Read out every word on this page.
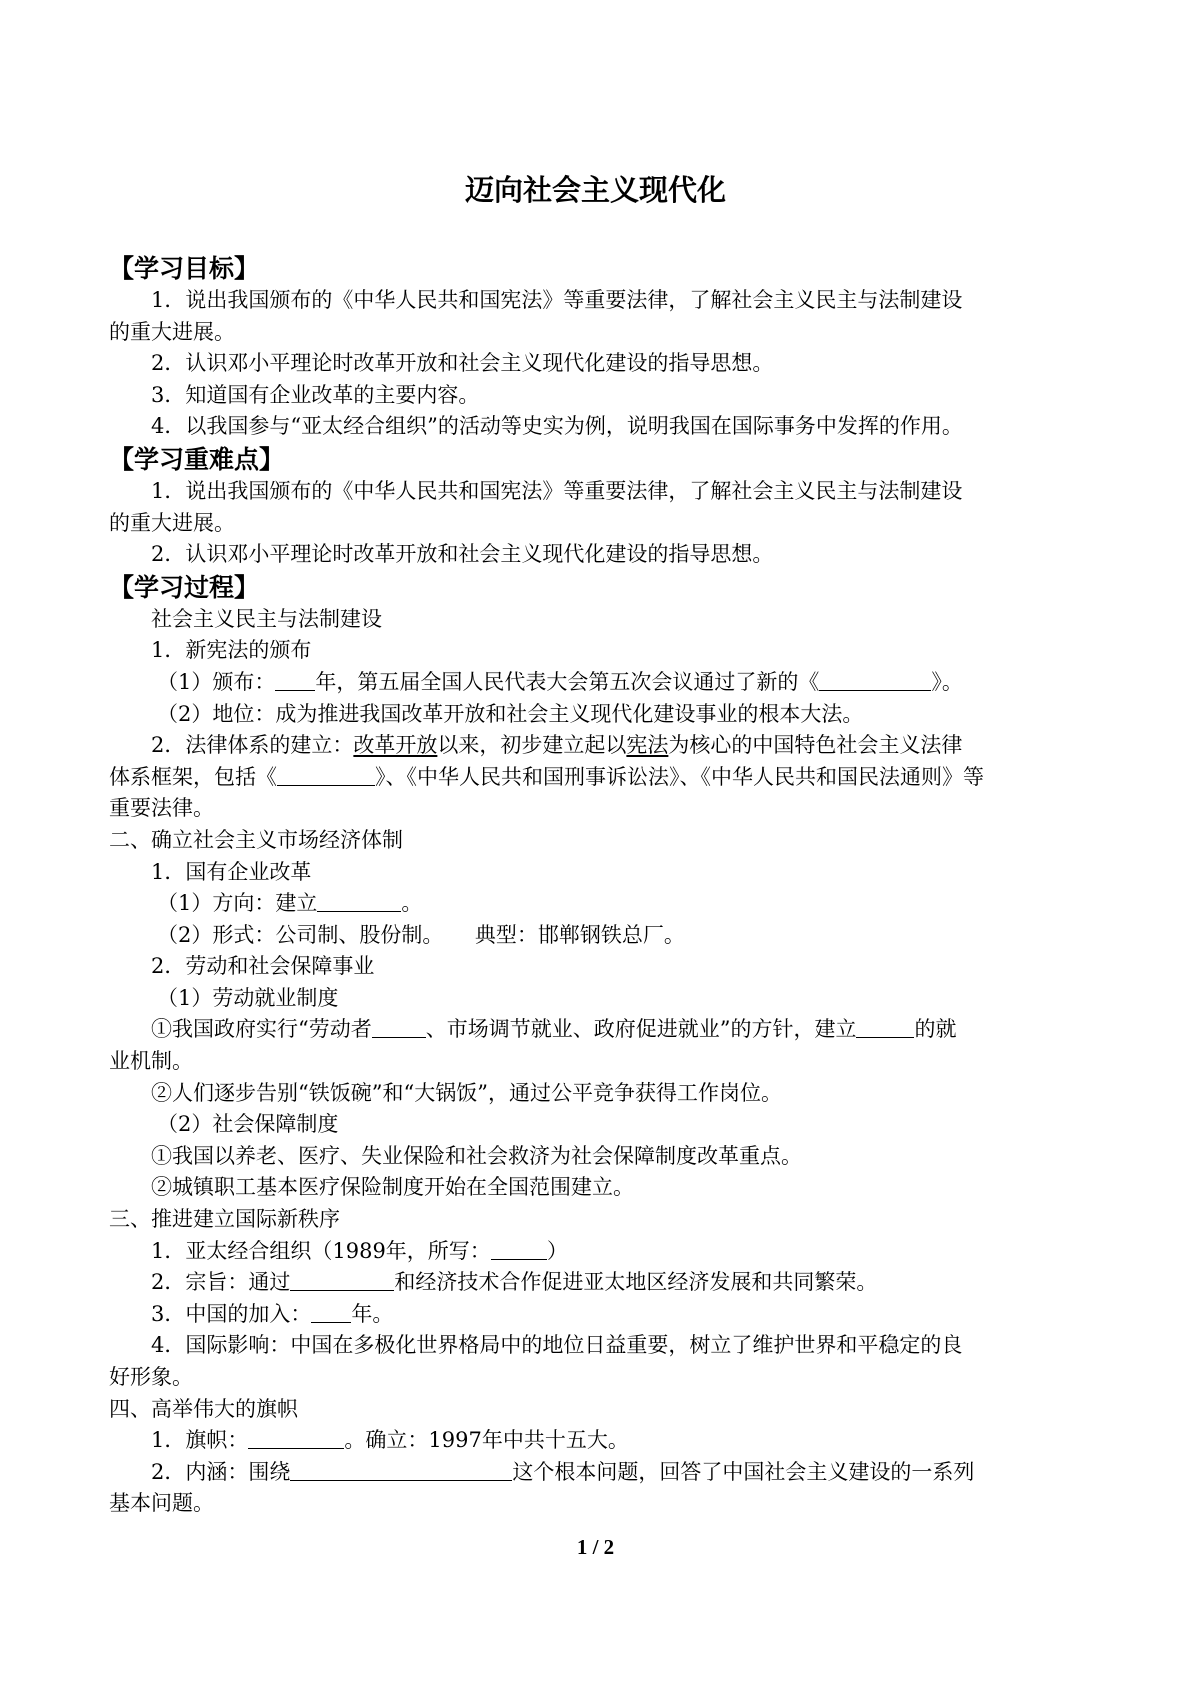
迈向社会主义现代化
【学习目标】
1．说出我国颁布的《中华人民共和国宪法》等重要法律，了解社会主义民主与法制建设
的重大进展。
2．认识邓小平理论时改革开放和社会主义现代化建设的指导思想。
3．知道国有企业改革的主要内容。
4．以我国参与“亚太经合组织”的活动等史实为例，说明我国在国际事务中发挥的作用。
【学习重难点】
1．说出我国颁布的《中华人民共和国宪法》等重要法律，了解社会主义民主与法制建设
的重大进展。
2．认识邓小平理论时改革开放和社会主义现代化建设的指导思想。
【学习过程】
社会主义民主与法制建设
1．新宪法的颁布
（1）颁布： 年，第五届全国人民代表大会第五次会议通过了新的《	》。
（2）地位：成为推进我国改革开放和社会主义现代化建设事业的根本大法。
2．法律体系的建立：改革开放以来，初步建立起以宪法为核心的中国特色社会主义法律
体系框架，包括《	》、《中华人民共和国刑事诉讼法》、《中华人民共和国民法通则》等
重要法律。
二、确立社会主义市场经济体制
1．国有企业改革
（1）方向：建立	。
（2）形式：公司制、股份制。　　典型：邯郸钢铁总厂。
2．劳动和社会保障事业
（1）劳动就业制度
①我国政府实行“劳动者	、市场调节就业、政府促进就业”的方针，建立	的就
业机制。
②人们逐步告别“铁饭碗”和“大锅饭”，通过公平竞争获得工作岗位。
（2）社会保障制度
①我国以养老、医疗、失业保险和社会救济为社会保障制度改革重点。
②城镇职工基本医疗保险制度开始在全国范围建立。
三、推进建立国际新秩序
1．亚太经合组织（1989年，所写：	）
2．宗旨：通过	和经济技术合作促进亚太地区经济发展和共同繁荣。
3．中国的加入： 年。
4．国际影响：中国在多极化世界格局中的地位日益重要，树立了维护世界和平稳定的良
好形象。
四、高举伟大的旗帜
1．旗帜：	。确立：1997年中共十五大。
2．内涵：围绕	这个根本问题，回答了中国社会主义建设的一系列
基本问题。
1 / 2
